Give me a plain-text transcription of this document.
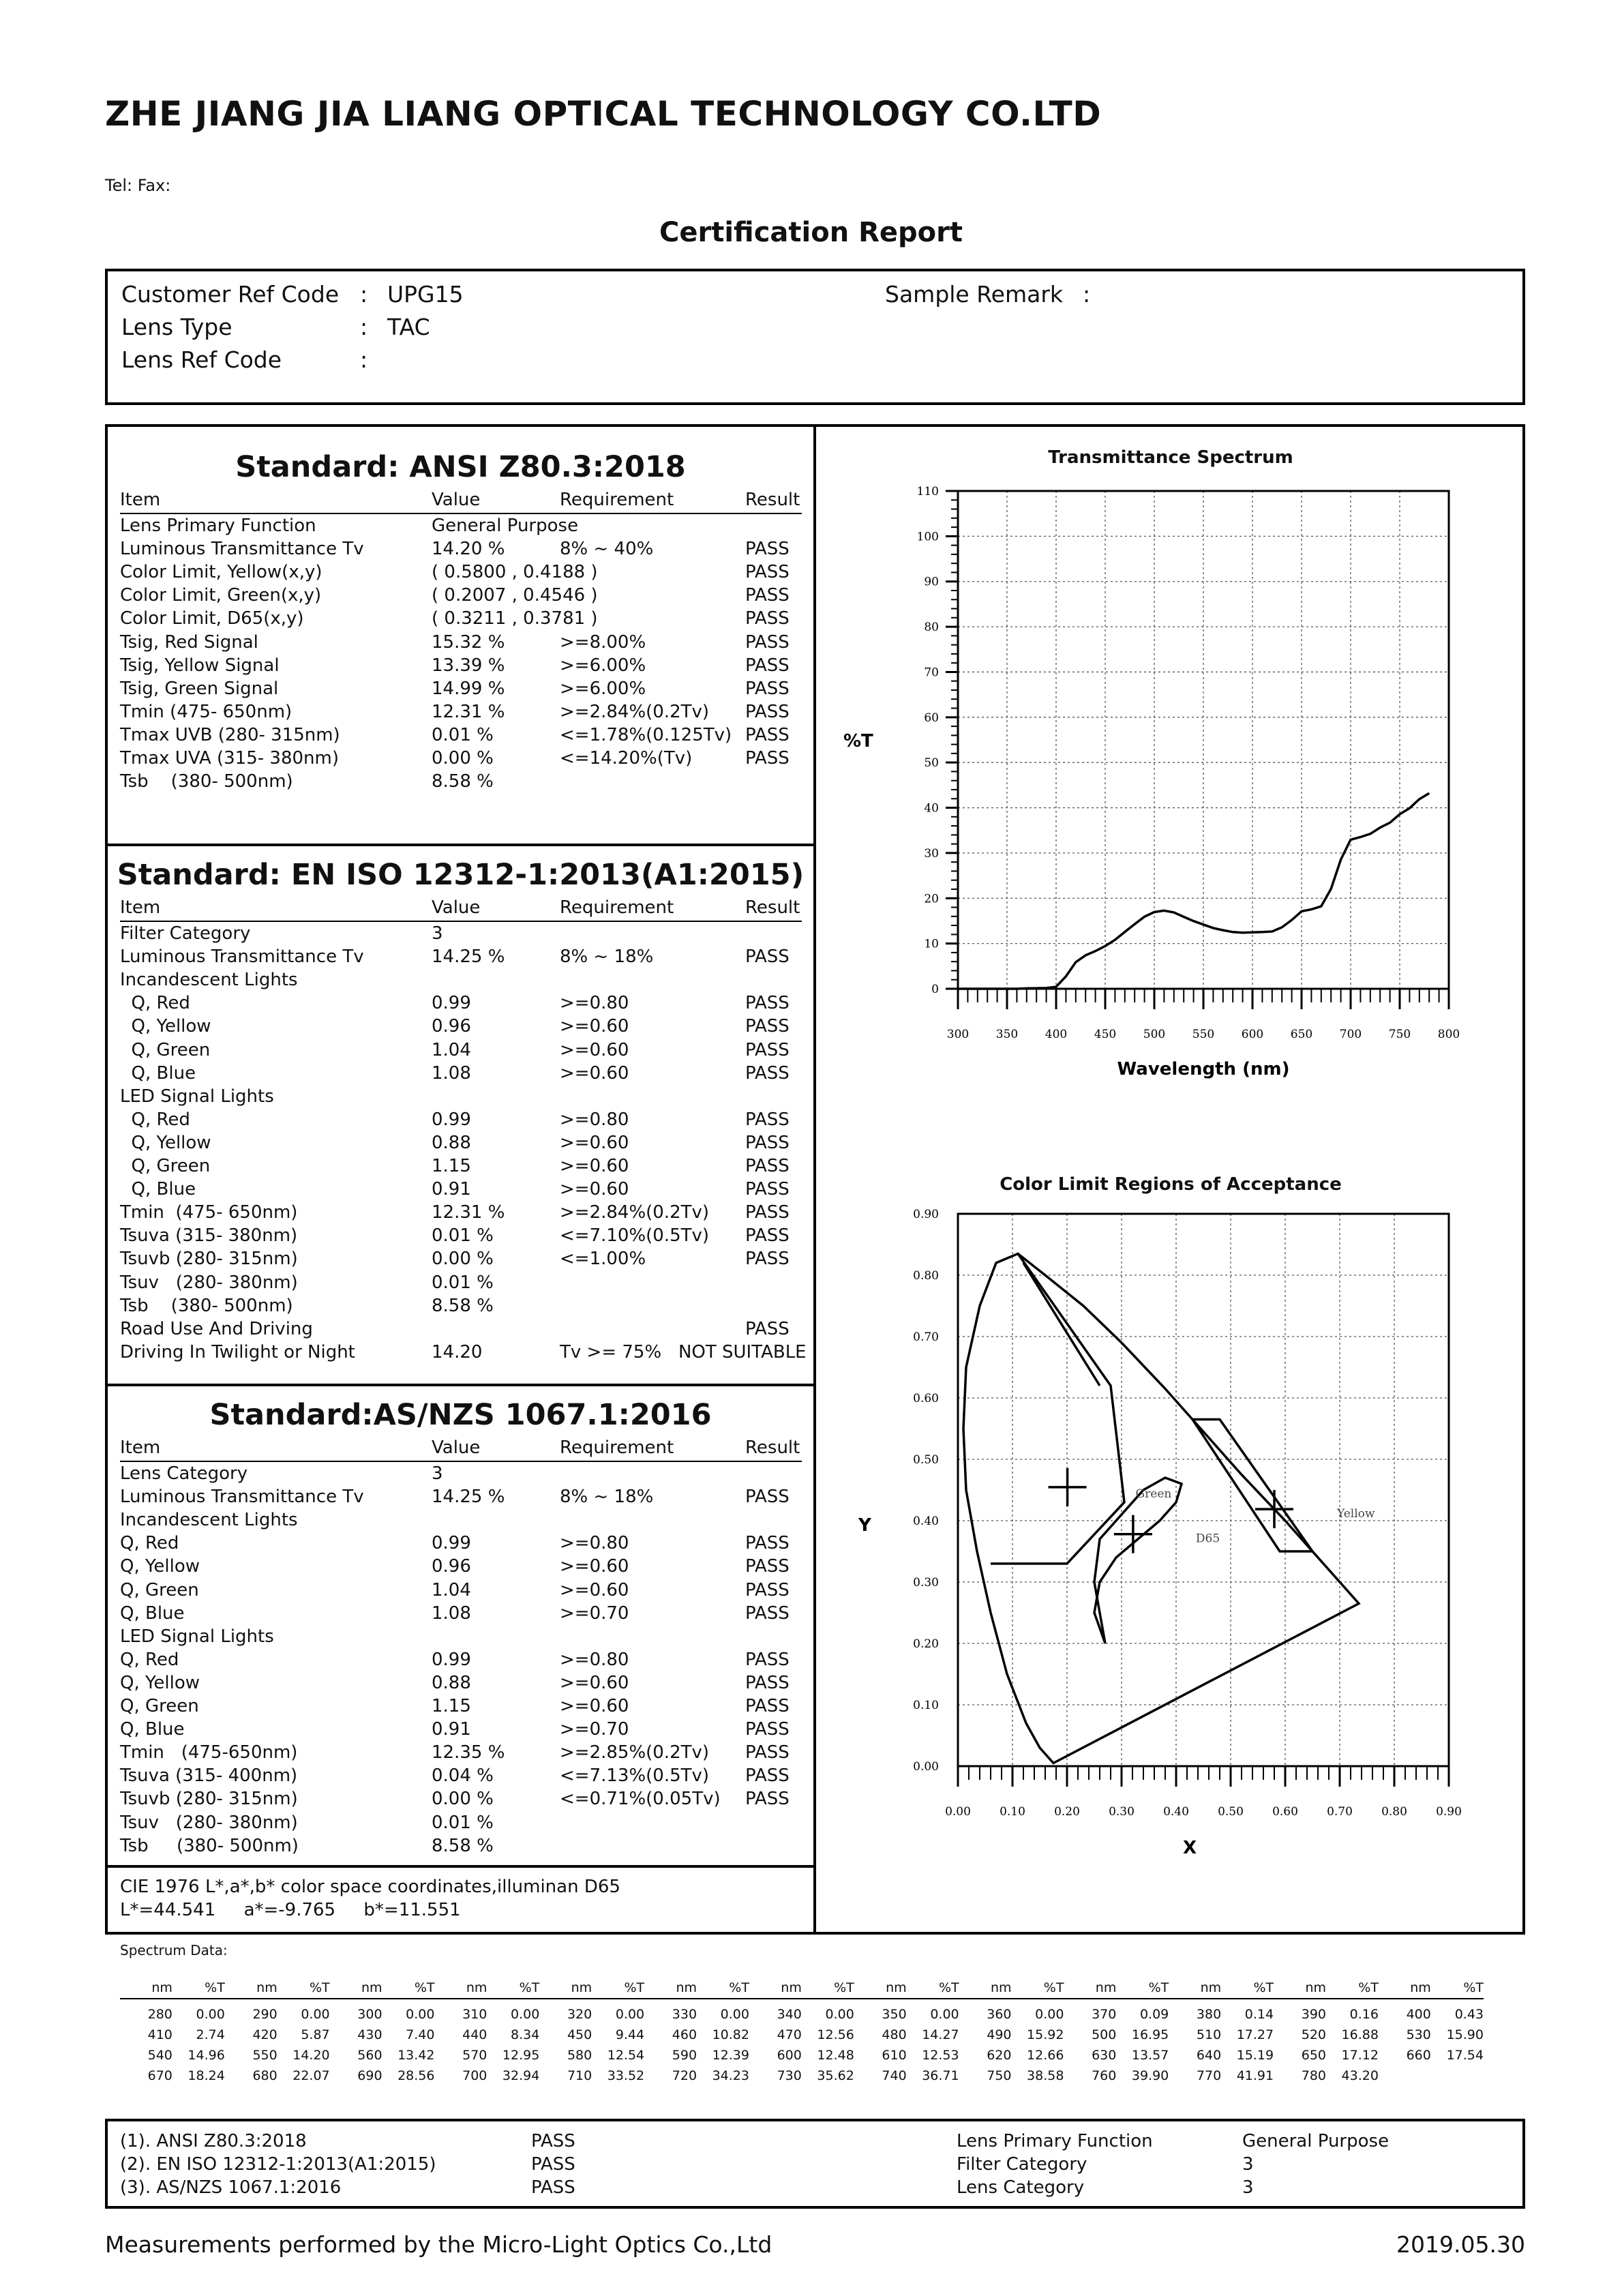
ZHE JIANG JIA LIANG OPTICAL TECHNOLOGY CO.LTD
Tel: Fax:
Certification Report
Customer Ref Code : UPG15
Lens Type	: TAC
Lens Ref Code	:
Sample Remark :
Standard: ANSI Z80.3:2018
Item	Value	Requirement	Result
Lens Primary Function	General Purpose
Luminous Transmittance Tv	14.20 %	8% ~ 40%	PASS
Color Limit, Yellow(x,y)	( 0.5800 , 0.4188 )	PASS
Color Limit, Green(x,y)	( 0.2007 , 0.4546 )	PASS
Color Limit, D65(x,y)	( 0.3211 , 0.3781 )	PASS
Tsig, Red Signal	15.32 %	>=8.00%	PASS
Tsig, Yellow Signal	13.39 %	>=6.00%	PASS
Tsig, Green Signal	14.99 %	>=6.00%	PASS
Tmin (475- 650nm)	12.31 %	>=2.84%(0.2Tv) PASS
Tmax UVB (280- 315nm)	0.01 %	<=1.78%(0.125Tv) PASS
Tmax UVA (315- 380nm)	0.00 %	<=14.20%(Tv)	PASS
Tsb    (380- 500nm)	8.58 %
Standard: EN ISO 12312-1:2013(A1:2015)
Item	Value	Requirement	Result
Filter Category	3
Luminous Transmittance Tv	14.25 %	8% ~ 18%	PASS
Incandescent Lights
Q, Red	0.99	>=0.80	PASS
Q, Yellow	0.96	>=0.60	PASS
Q, Green	1.04	>=0.60	PASS
Q, Blue	1.08	>=0.60	PASS
LED Signal Lights
Q, Red	0.99	>=0.80	PASS
Q, Yellow	0.88	>=0.60	PASS
Q, Green	1.15	>=0.60	PASS
Q, Blue	0.91	>=0.60	PASS
Tmin  (475- 650nm)	12.31 %	>=2.84%(0.2Tv) PASS
Tsuva (315- 380nm)	0.01 %	<=7.10%(0.5Tv) PASS
Tsuvb (280- 315nm)	0.00 %	<=1.00%	PASS
Tsuv   (280- 380nm)	0.01 %
Tsb    (380- 500nm)	8.58 %
Road Use And Driving	PASS
Driving In Twilight or Night	14.20	Tv >= 75%   NOT SUITABLE
Standard:AS/NZS 1067.1:2016
Item	Value	Requirement	Result
Lens Category	3
Luminous Transmittance Tv	14.25 %	8% ~ 18%	PASS
Incandescent Lights
Q, Red	0.99	>=0.80	PASS
Q, Yellow	0.96	>=0.60	PASS
Q, Green	1.04	>=0.60	PASS
Q, Blue	1.08	>=0.70	PASS
LED Signal Lights
Q, Red	0.99	>=0.80	PASS
Q, Yellow	0.88	>=0.60	PASS
Q, Green	1.15	>=0.60	PASS
Q, Blue	0.91	>=0.70	PASS
Tmin   (475-650nm)	12.35 %	>=2.85%(0.2Tv) PASS
Tsuva (315- 400nm)	0.04 %	<=7.13%(0.5Tv) PASS
Tsuvb (280- 315nm)	0.00 %	<=0.71%(0.05Tv) PASS
Tsuv   (280- 380nm)	0.01 %
Tsb     (380- 500nm)	8.58 %
CIE 1976 L*,a*,b* color space coordinates,illuminan D65
L*=44.541     a*=-9.765     b*=11.551
Transmittance Spectrum
300 350 400 450 500 550 600 650 700 750 800
0
10
20
30
40
50
60
70
80
90
100
110
Wavelength (nm)
%T
Color Limit Regions of Acceptance
0.00 0.10 0.20 0.30 0.40 0.50 0.60 0.70 0.80 0.90
0.00
0.10
0.20
0.30
0.40
0.50
0.60
0.70
0.80
0.90
Green
D65
Yellow
X
Y
Spectrum Data:
nm	%T	nm	%T	nm	%T	nm	%T	nm	%T	nm	%T	nm	%T	nm	%T	nm	%T	nm	%T	nm	%T	nm	%T	nm	%T

280	0.00	290	0.00	300	0.00	310	0.00	320	0.00	330	0.00	340	0.00	350	0.00	360	0.00	370	0.09	380	0.14	390	0.16	400	0.43
410	2.74	420	5.87	430	7.40	440	8.34	450	9.44	460	10.82	470	12.56	480	14.27	490	15.92	500	16.95	510	17.27	520	16.88	530	15.90
540	14.96	550	14.20	560	13.42	570	12.95	580	12.54	590	12.39	600	12.48	610	12.53	620	12.66	630	13.57	640	15.19	650	17.12	660	17.54
670	18.24	680	22.07	690	28.56	700	32.94	710	33.52	720	34.23	730	35.62	740	36.71	750	38.58	760	39.90	770	41.91	780	43.20		
(1). ANSI Z80.3:2018	PASS	Lens Primary Function	General Purpose
(2). EN ISO 12312-1:2013(A1:2015)	PASS	Filter Category	3
(3). AS/NZS 1067.1:2016	PASS	Lens Category	3
Measurements performed by the Micro-Light Optics Co.,Ltd	2019.05.30
